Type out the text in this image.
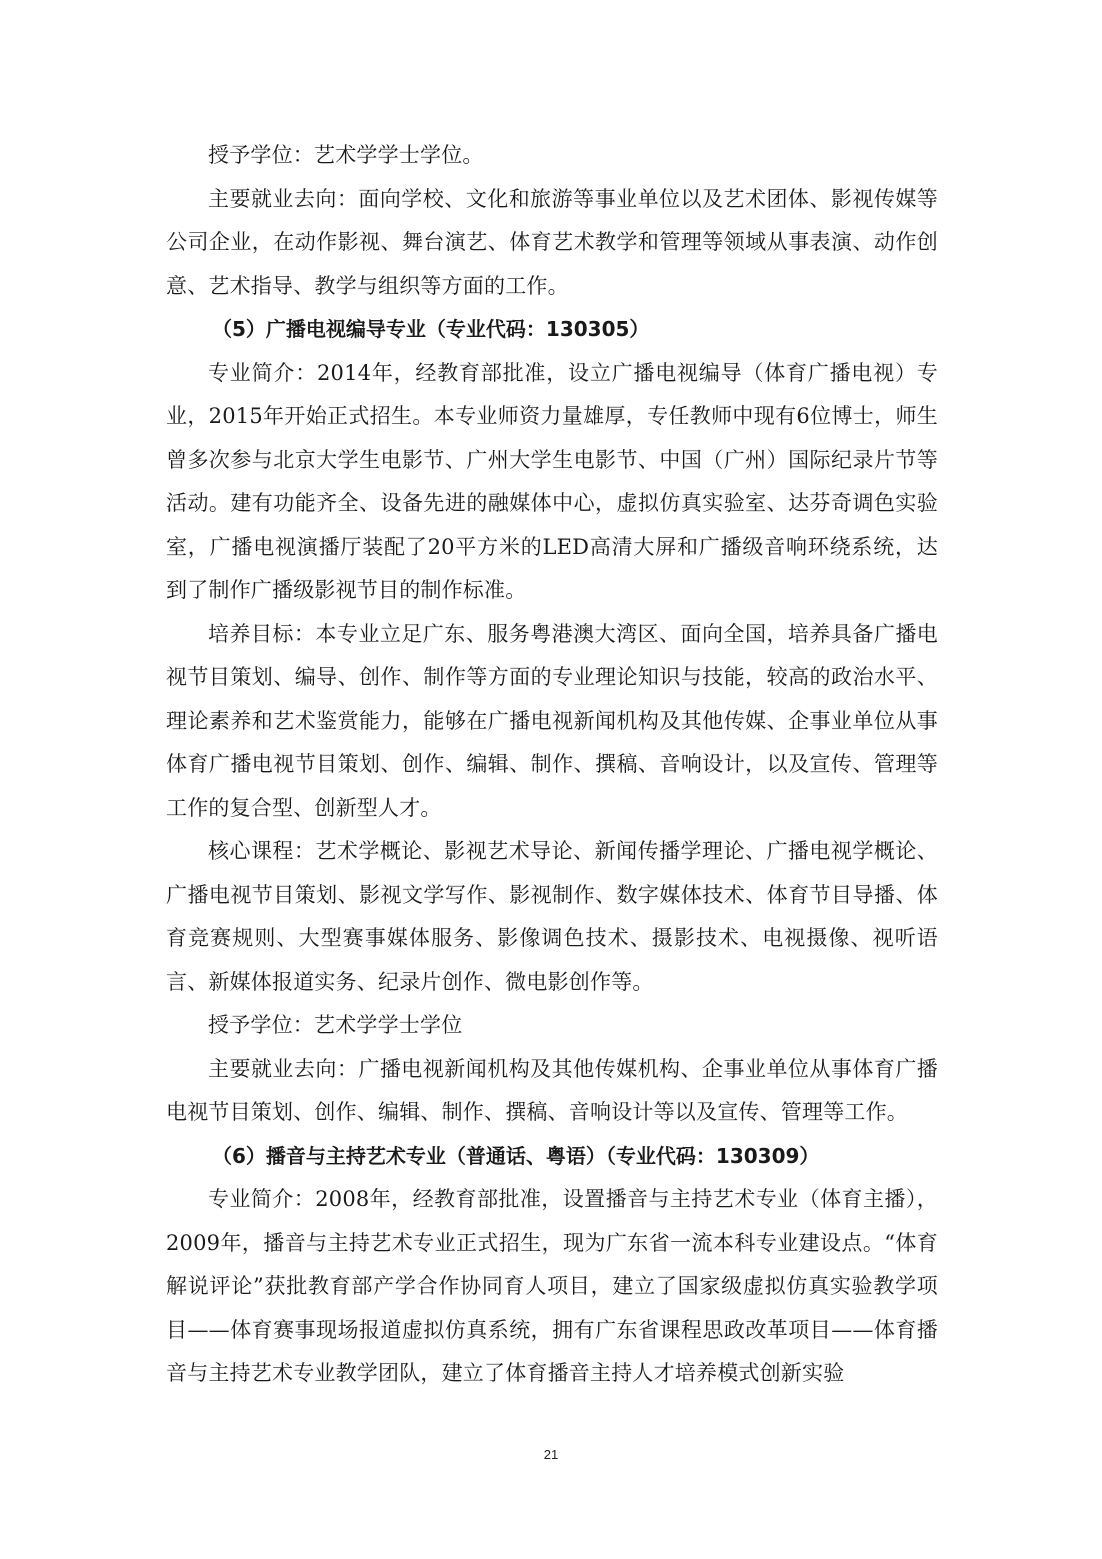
授予学位：艺术学学士学位。

主要就业去向：面向学校、文化和旅游等事业单位以及艺术团体、影视传媒等公司企业，在动作影视、舞台演艺、体育艺术教学和管理等领域从事表演、动作创意、艺术指导、教学与组织等方面的工作。

（5）广播电视编导专业（专业代码：130305）

专业简介：2014年，经教育部批准，设立广播电视编导（体育广播电视）专业，2015年开始正式招生。本专业师资力量雄厚，专任教师中现有6位博士，师生曾多次参与北京大学生电影节、广州大学生电影节、中国（广州）国际纪录片节等活动。建有功能齐全、设备先进的融媒体中心，虚拟仿真实验室、达芬奇调色实验室，广播电视演播厅装配了20平方米的LED高清大屏和广播级音响环绕系统，达到了制作广播级影视节目的制作标准。

培养目标：本专业立足广东、服务粤港澳大湾区、面向全国，培养具备广播电视节目策划、编导、创作、制作等方面的专业理论知识与技能，较高的政治水平、理论素养和艺术鉴赏能力，能够在广播电视新闻机构及其他传媒、企事业单位从事体育广播电视节目策划、创作、编辑、制作、撰稿、音响设计，以及宣传、管理等工作的复合型、创新型人才。

核心课程：艺术学概论、影视艺术导论、新闻传播学理论、广播电视学概论、广播电视节目策划、影视文学写作、影视制作、数字媒体技术、体育节目导播、体育竞赛规则、大型赛事媒体服务、影像调色技术、摄影技术、电视摄像、视听语言、新媒体报道实务、纪录片创作、微电影创作等。

授予学位：艺术学学士学位

主要就业去向：广播电视新闻机构及其他传媒机构、企事业单位从事体育广播电视节目策划、创作、编辑、制作、撰稿、音响设计等以及宣传、管理等工作。

（6）播音与主持艺术专业（普通话、粤语）（专业代码：130309）

专业简介：2008年，经教育部批准，设置播音与主持艺术专业（体育主播），2009年，播音与主持艺术专业正式招生，现为广东省一流本科专业建设点。“体育解说评论”获批教育部产学合作协同育人项目，建立了国家级虚拟仿真实验教学项目——体育赛事现场报道虚拟仿真系统，拥有广东省课程思政改革项目——体育播音与主持艺术专业教学团队，建立了体育播音主持人才培养模式创新实验

21
